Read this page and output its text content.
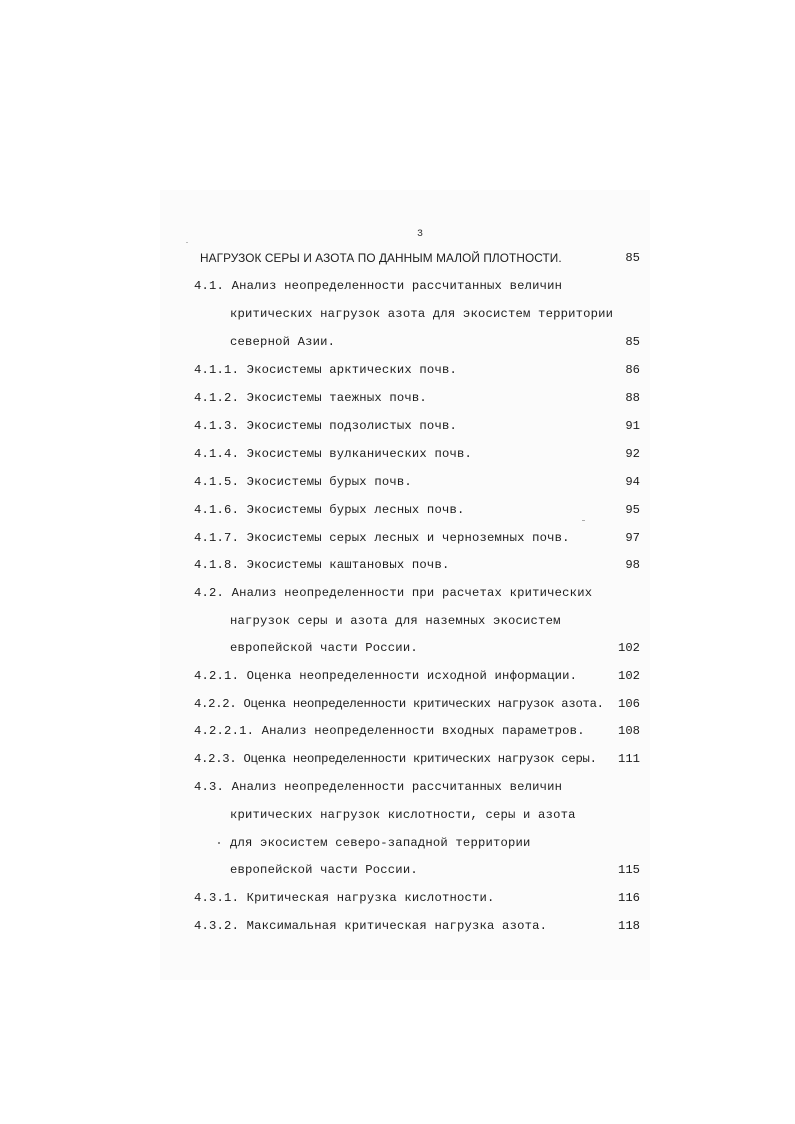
3
НАГРУЗОК СЕРЫ И АЗОТА ПО ДАННЫМ МАЛОЙ ПЛОТНОСТИ.	85
4.1. Анализ неопределенности рассчитанных величин
критических нагрузок азота для экосистем территории
северной Азии.	85
4.1.1. Экосистемы арктических почв.	86
4.1.2. Экосистемы таежных почв.	88
4.1.3. Экосистемы подзолистых почв.	91
4.1.4. Экосистемы вулканических почв.	92
4.1.5. Экосистемы бурых почв.	94
4.1.6. Экосистемы бурых лесных почв.	95
4.1.7. Экосистемы серых лесных и черноземных почв.	97
4.1.8. Экосистемы каштановых почв.	98
4.2. Анализ неопределенности при расчетах критических
нагрузок серы и азота для наземных экосистем
европейской части России.	102
4.2.1. Оценка неопределенности исходной информации.	102
4.2.2. Оценка неопределенности критических нагрузок азота.	106
4.2.2.1. Анализ неопределенности входных параметров.	108
4.2.3. Оценка неопределенности критических нагрузок серы.	111
4.3. Анализ неопределенности рассчитанных величин
критических нагрузок кислотности, серы и азота
для экосистем северо-западной территории
европейской части России.	115
4.3.1. Критическая нагрузка кислотности.	116
4.3.2. Максимальная критическая нагрузка азота.	118
